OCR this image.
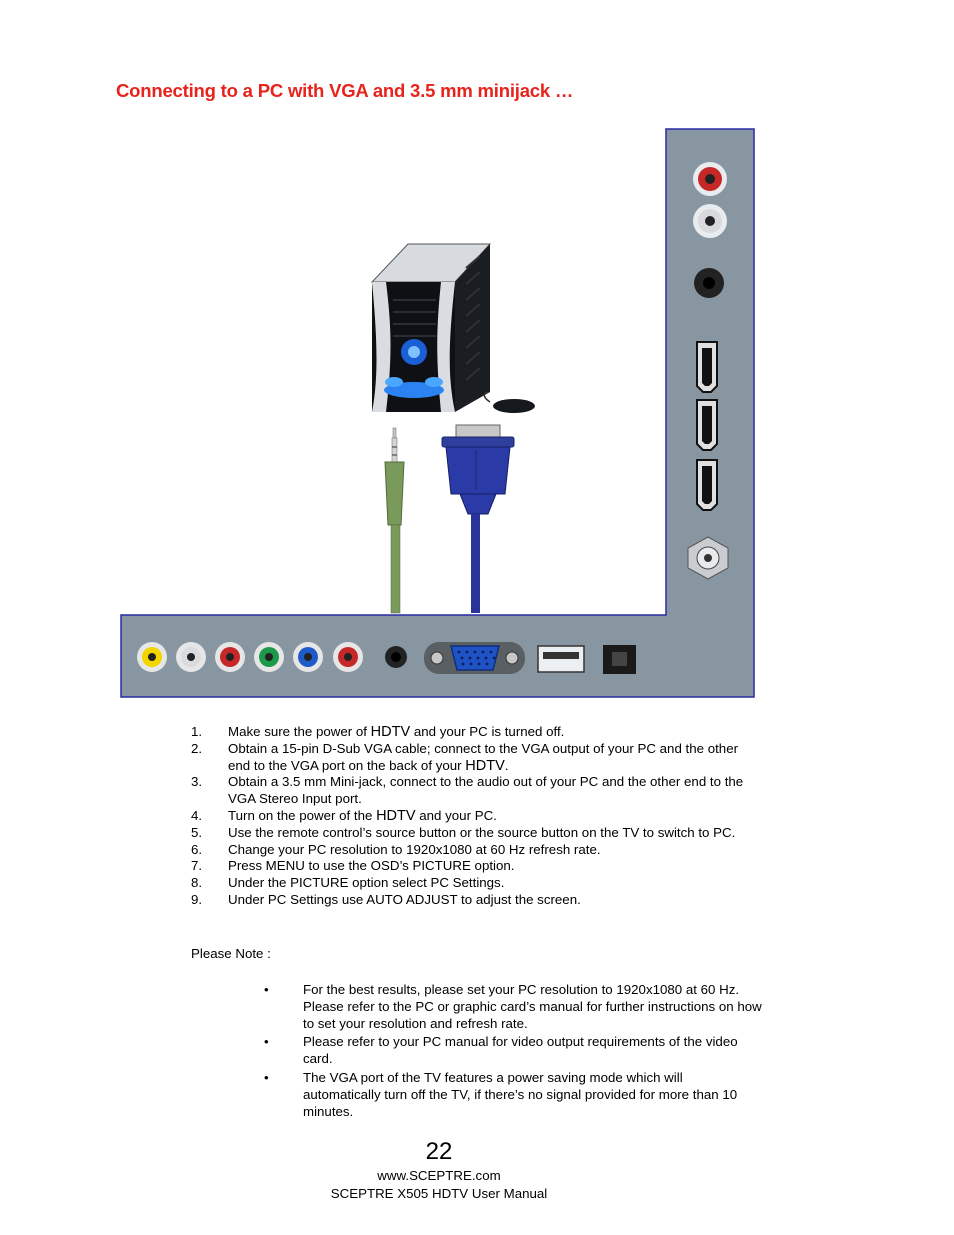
Connecting to a PC with VGA and 3.5 mm minijack …
1. Make sure the power of HDTV and your PC is turned off.
2. Obtain a 15-pin D-Sub VGA cable; connect to the VGA output of your PC and the other end to the VGA port on the back of your HDTV.
3. Obtain a 3.5 mm Mini-jack, connect to the audio out of your PC and the other end to the VGA Stereo Input port.
4. Turn on the power of the HDTV and your PC.
5. Use the remote control’s source button or the source button on the TV to switch to PC.
6. Change your PC resolution to 1920x1080 at 60 Hz refresh rate.
7. Press MENU to use the OSD’s PICTURE option.
8. Under the PICTURE option select PC Settings.
9. Under PC Settings use AUTO ADJUST to adjust the screen.
Please Note :
•	For the best results, please set your PC resolution to 1920x1080 at 60 Hz. Please refer to the PC or graphic card’s manual for further instructions on how to set your resolution and refresh rate.
•	Please refer to your PC manual for video output requirements of the video card.
•	The VGA port of the TV features a power saving mode which will automatically turn off the TV, if there’s no signal provided for more than 10 minutes.
22
www.SCEPTRE.com
SCEPTRE X505 HDTV User Manual
